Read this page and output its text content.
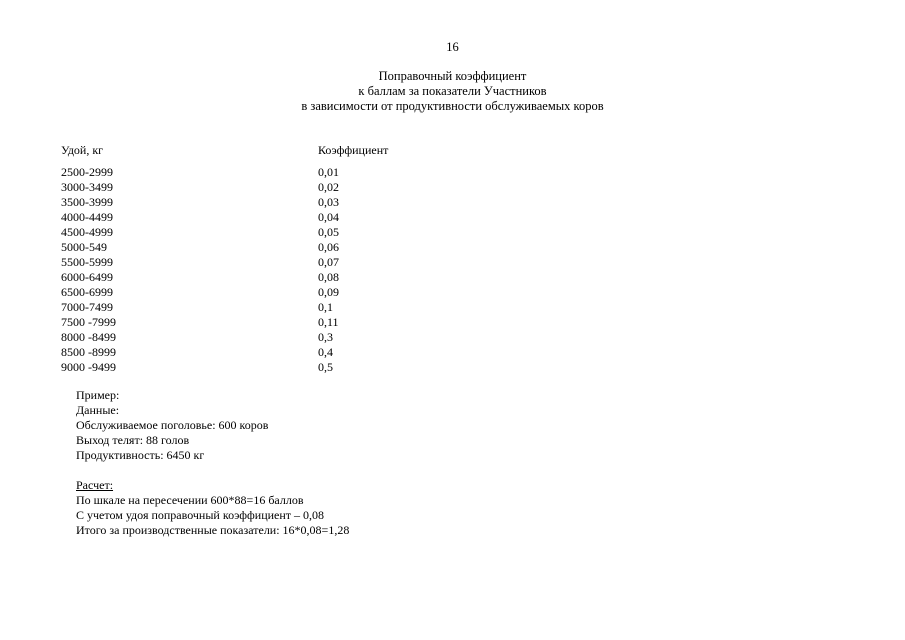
16
Поправочный коэффициент
к баллам за показатели Участников
в зависимости от продуктивности обслуживаемых коров
Удой, кг	Коэффициент
2500-2999	0,01
3000-3499	0,02
3500-3999	0,03
4000-4499	0,04
4500-4999	0,05
5000-549	0,06
5500-5999	0,07
6000-6499	0,08
6500-6999	0,09
7000-7499	0,1
7500 -7999	0,11
8000 -8499	0,3
8500 -8999	0,4
9000 -9499	0,5
Пример:
Данные:
Обслуживаемое поголовье: 600 коров
Выход телят: 88 голов
Продуктивность: 6450 кг
Расчет:
По шкале на пересечении 600*88=16 баллов
С учетом удоя поправочный коэффициент – 0,08
Итого за производственные показатели: 16*0,08=1,28
